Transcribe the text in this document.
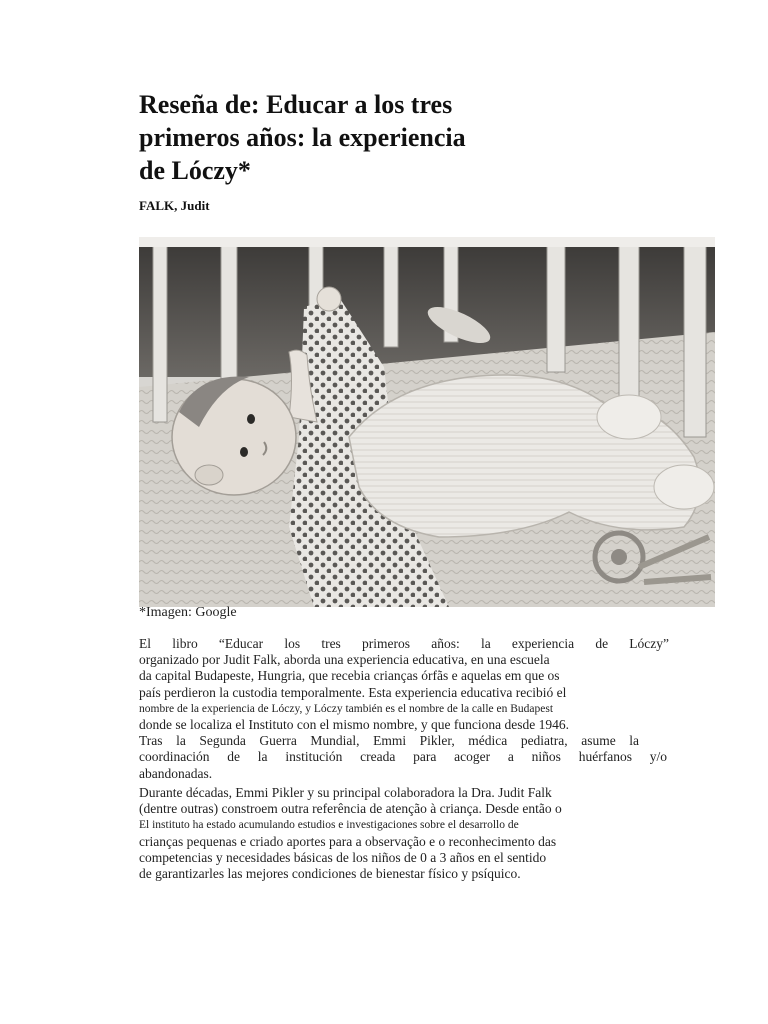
Reseña de: Educar a los tres
primeros años: la experiencia
de Lóczy*
FALK, Judit
*Imagen: Google
El libro “Educar los tres primeros años: la experiencia de Lóczy”
organizado por Judit Falk, aborda una experiencia educativa, en una escuela
da capital Budapeste, Hungria, que recebia crianças órfãs e aquelas em que os
país perdieron la custodia temporalmente. Esta experiencia educativa recibió el
nombre de la experiencia de Lóczy, y Lóczy también es el nombre de la calle en Budapest
donde se localiza el Instituto con el mismo nombre, y que funciona desde 1946.
Tras la Segunda Guerra Mundial, Emmi Pikler, médica pediatra, asume la
coordinación de la institución creada para acoger a niños huérfanos y/o
abandonadas.
Durante décadas, Emmi Pikler y su principal colaboradora la Dra. Judit Falk
(dentre outras) constroem outra referência de atenção à criança. Desde então o
El instituto ha estado acumulando estudios e investigaciones sobre el desarrollo de
crianças pequenas e criado aportes para a observação e o reconhecimento das
competencias y necesidades básicas de los niños de 0 a 3 años en el sentido
de garantizarles las mejores condiciones de bienestar físico y psíquico.
